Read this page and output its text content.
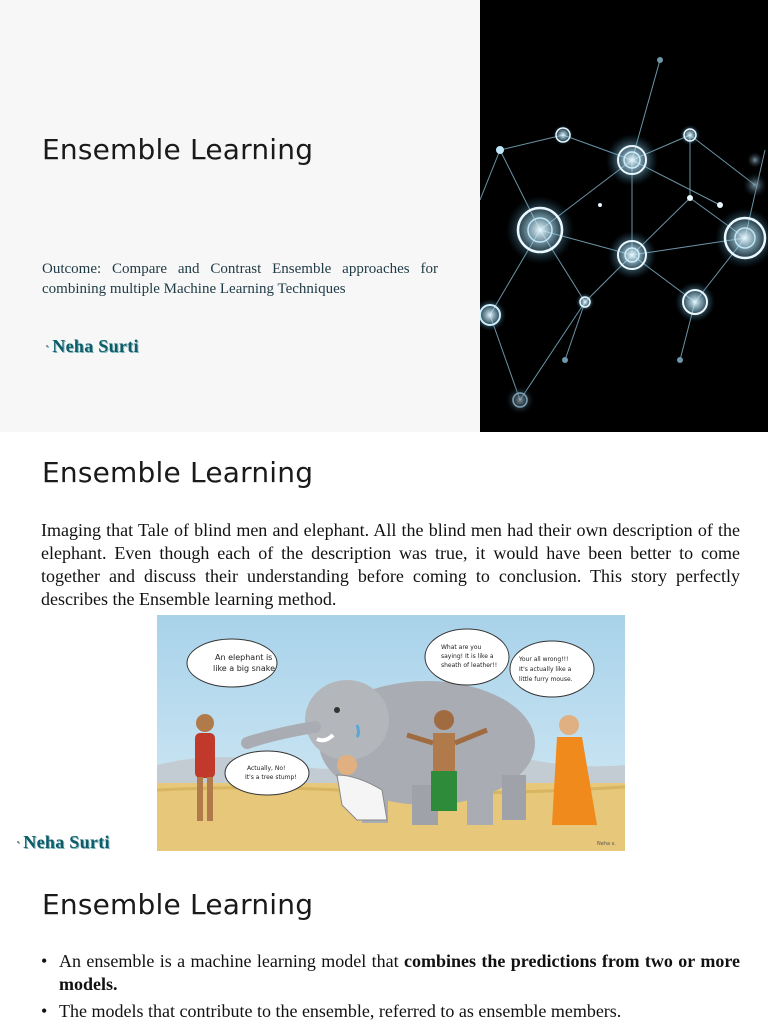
Ensemble Learning

Outcome: Compare and Contrast Ensemble approaches for combining multiple Machine Learning Techniques

· Neha Surti
Ensemble Learning

Imaging that Tale of blind men and elephant. All the blind men had their own description of the elephant. Even though each of the description was true, it would have been better to come together and discuss their understanding before coming to conclusion. This story perfectly describes the Ensemble learning method.

An elephant is like a big snake
What are you saying! It is like a sheath of leather!!
Your all wrong!!! It's actually like a little furry mouse.
Actually, No! It's a tree stump!
Neha s.
· Neha Surti
Ensemble Learning
• An ensemble is a machine learning model that combines the predictions from two or more models.
• The models that contribute to the ensemble, referred to as ensemble members.
